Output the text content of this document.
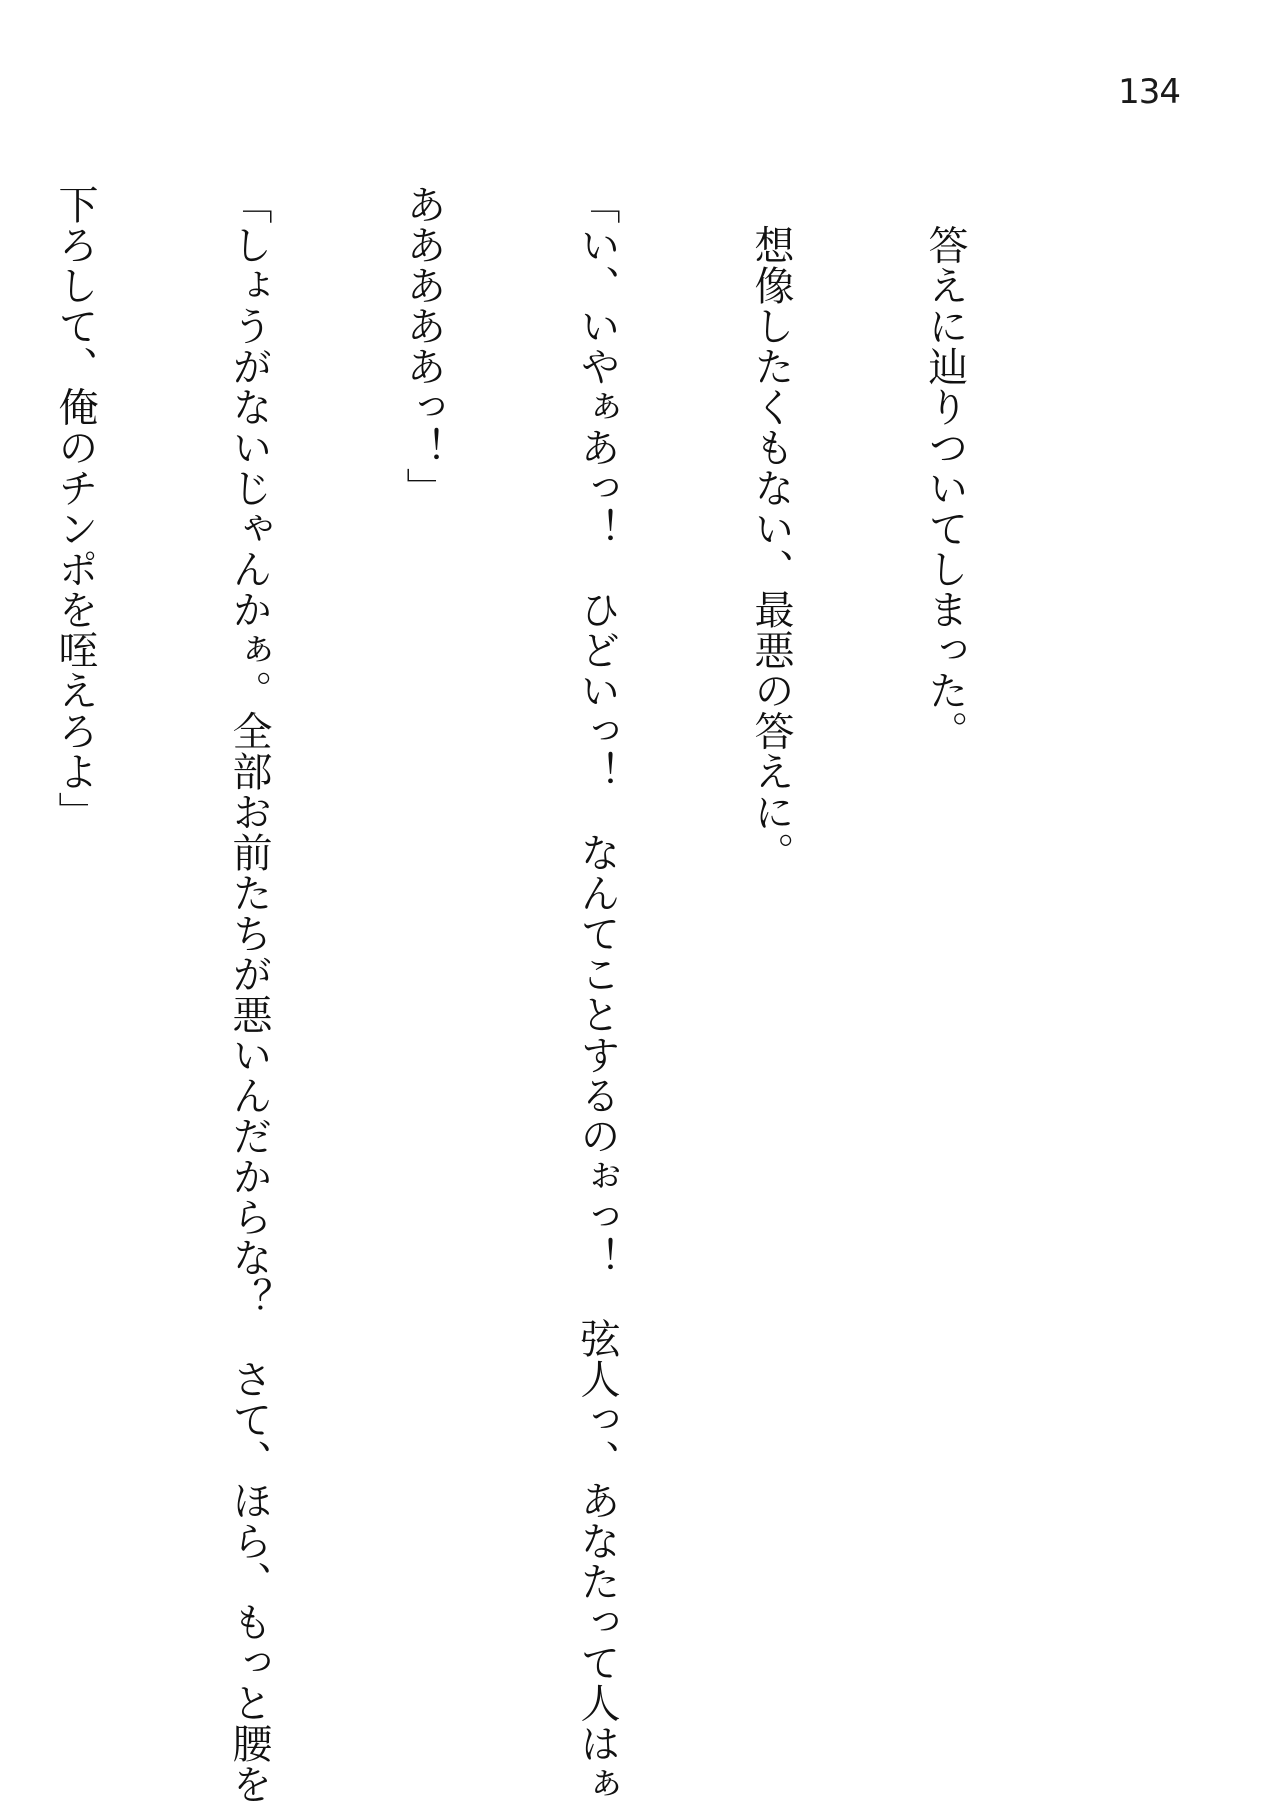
134

　答えに辿りついてしまった。

　想像したくもない、最悪の答えに。

「い、いやぁあっ！　ひどいっ！　なんてことするのぉっ！　弦人っ、あなたって人はぁ

あああああっ！」

「しょうがないじゃんかぁ。全部お前たちが悪いんだからな？　さて、ほら、もっと腰を

下ろして、俺のチンポを咥えろよ」
